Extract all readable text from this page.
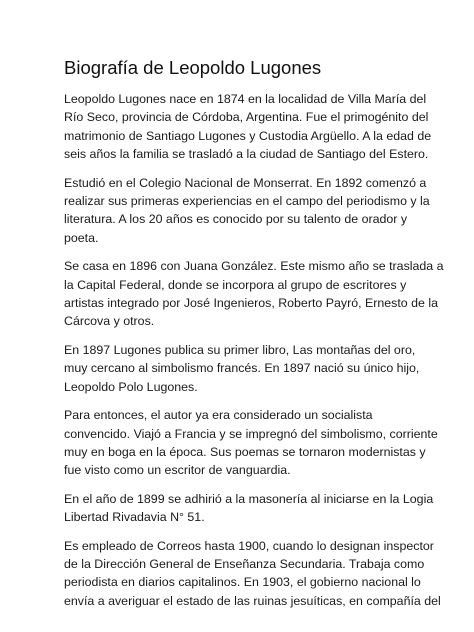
Biografía de Leopoldo Lugones

Leopoldo Lugones nace en 1874 en la localidad de Villa María del
Río Seco, provincia de Córdoba, Argentina. Fue el primogénito del
matrimonio de Santiago Lugones y Custodia Argüello. A la edad de
seis años la familia se trasladó a la ciudad de Santiago del Estero.

Estudió en el Colegio Nacional de Monserrat. En 1892 comenzó a
realizar sus primeras experiencias en el campo del periodismo y la
literatura. A los 20 años es conocido por su talento de orador y
poeta.

Se casa en 1896 con Juana González. Este mismo año se traslada a
la Capital Federal, donde se incorpora al grupo de escritores y
artistas integrado por José Ingenieros, Roberto Payró, Ernesto de la
Cárcova y otros.

En 1897 Lugones publica su primer libro, Las montañas del oro,
muy cercano al simbolismo francés. En 1897 nació su único hijo,
Leopoldo Polo Lugones.

Para entonces, el autor ya era considerado un socialista
convencido. Viajó a Francia y se impregnó del simbolismo, corriente
muy en boga en la época. Sus poemas se tornaron modernistas y
fue visto como un escritor de vanguardia.

En el año de 1899 se adhirió a la masonería al iniciarse en la Logia
Libertad Rivadavia N° 51.

Es empleado de Correos hasta 1900, cuando lo designan inspector
de la Dirección General de Enseñanza Secundaria. Trabaja como
periodista en diarios capitalinos. En 1903, el gobierno nacional lo
envía a averiguar el estado de las ruinas jesuíticas, en compañía del
